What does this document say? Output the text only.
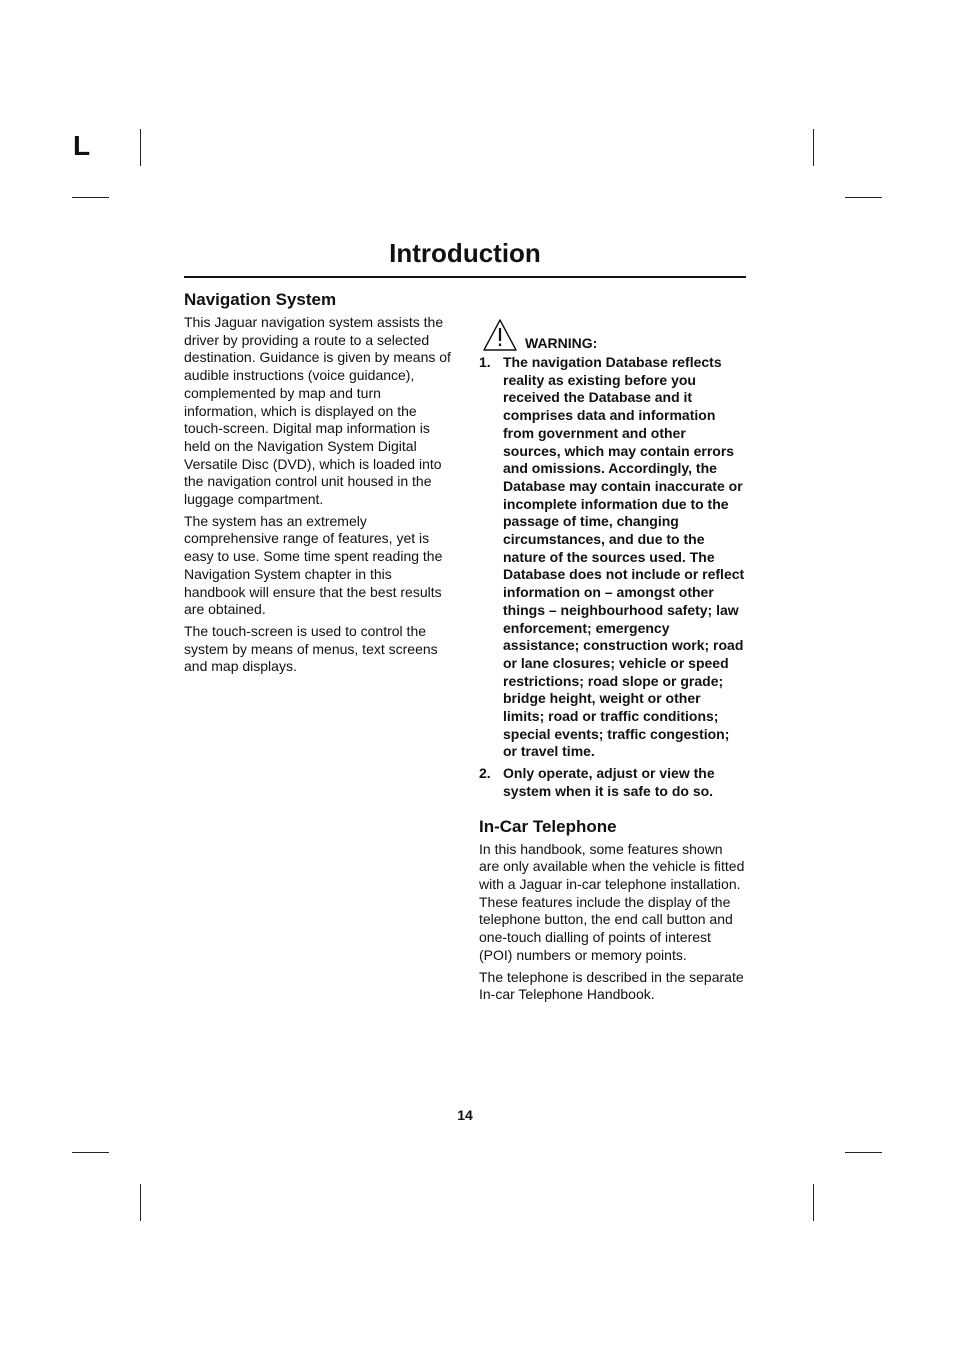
L
Introduction
Navigation System

This Jaguar navigation system assists the driver by providing a route to a selected destination. Guidance is given by means of audible instructions (voice guidance), complemented by map and turn information, which is displayed on the touch-screen. Digital map information is held on the Navigation System Digital Versatile Disc (DVD), which is loaded into the navigation control unit housed in the luggage compartment.

The system has an extremely comprehensive range of features, yet is easy to use. Some time spent reading the Navigation System chapter in this handbook will ensure that the best results are obtained.

The touch-screen is used to control the system by means of menus, text screens and map displays.

WARNING:
1. The navigation Database reflects reality as existing before you received the Database and it comprises data and information from government and other sources, which may contain errors and omissions. Accordingly, the Database may contain inaccurate or incomplete information due to the passage of time, changing circumstances, and due to the nature of the sources used. The Database does not include or reflect information on – amongst other things – neighbourhood safety; law enforcement; emergency assistance; construction work; road or lane closures; vehicle or speed restrictions; road slope or grade; bridge height, weight or other limits; road or traffic conditions; special events; traffic congestion; or travel time.
2. Only operate, adjust or view the system when it is safe to do so.
In-Car Telephone

In this handbook, some features shown are only available when the vehicle is fitted with a Jaguar in-car telephone installation. These features include the display of the telephone button, the end call button and one-touch dialling of points of interest (POI) numbers or memory points.

The telephone is described in the separate In-car Telephone Handbook.

14
